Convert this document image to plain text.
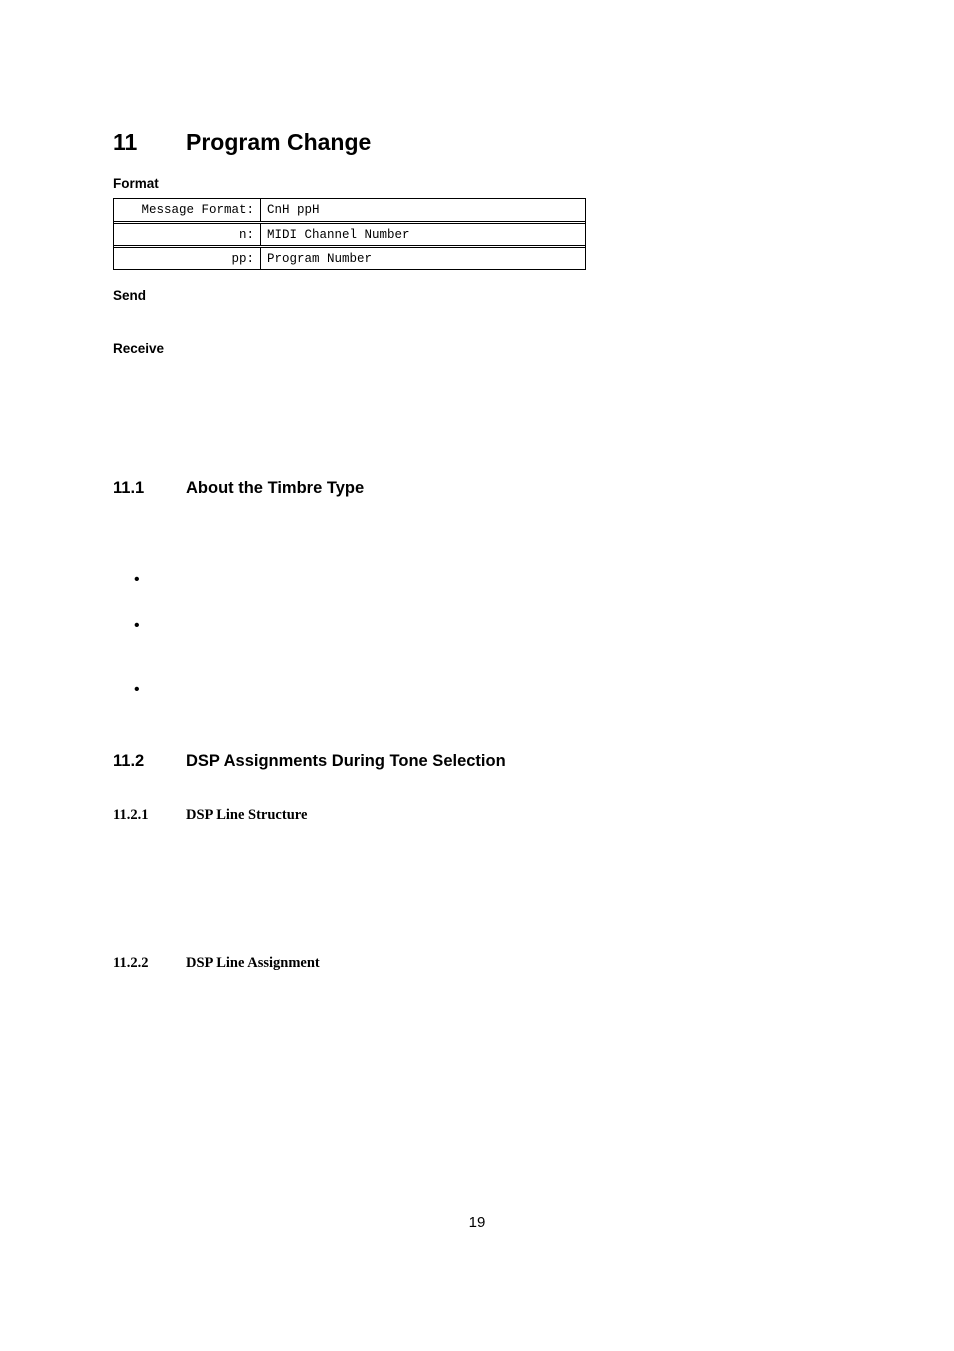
11 Program Change
Format
Message Format:	CnH ppH
n:	MIDI Channel Number
pp:	Program Number
Send
Receive
11.1	About the Timbre Type
•
•
•
11.2	DSP Assignments During Tone Selection
11.2.1	DSP Line Structure
11.2.2	DSP Line Assignment
19
